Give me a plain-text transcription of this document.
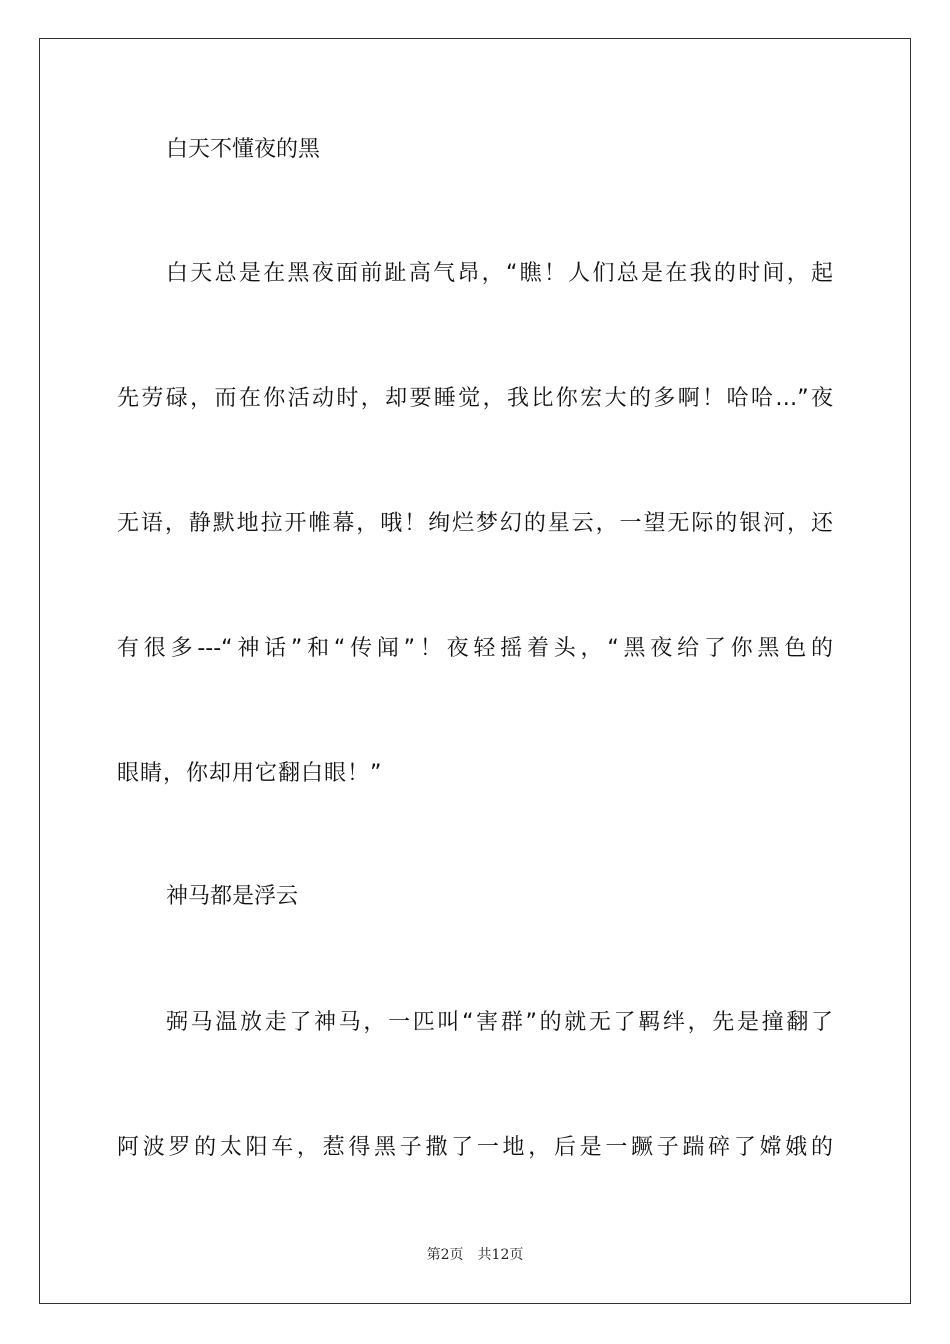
白天不懂夜的黑
白天总是在黑夜面前趾高气昂，“瞧！人们总是在我的时间，起
先劳碌，而在你活动时，却要睡觉，我比你宏大的多啊！哈哈…”夜
无语，静默地拉开帷幕，哦！绚烂梦幻的星云，一望无际的银河，还
有很多---“神话”和“传闻”！夜轻摇着头，“黑夜给了你黑色的
眼睛，你却用它翻白眼！”
神马都是浮云
弼马温放走了神马，一匹叫“害群”的就无了羁绊，先是撞翻了
阿波罗的太阳车，惹得黑子撒了一地，后是一蹶子踹碎了嫦娥的
第2页　共12页
